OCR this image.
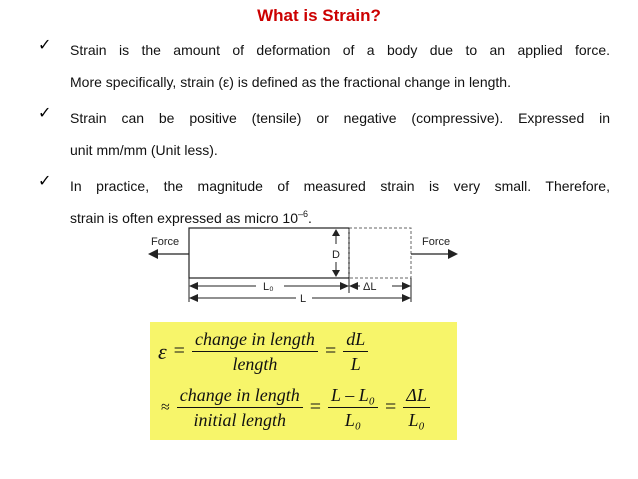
What is Strain?
✓ Strain is the amount of deformation of a body due to an applied force.
More specifically, strain (ε) is defined as the fractional change in length.
✓ Strain can be positive (tensile) or negative (compressive). Expressed in
unit mm/mm (Unit less).
✓ In practice, the magnitude of measured strain is very small. Therefore,
strain is often expressed as micro $10^{-6}$.
Force	Force
D
L₀	ΔL
L
$\varepsilon = \frac{\text{change in length}}{\text{length}} = \frac{dL}{L}$
≈ $\frac{\text{change in length}}{\text{initial length}} = \frac{\text{L – L₀}}{\text{L₀}} = \frac{\Delta L}{\text{L₀}}$
